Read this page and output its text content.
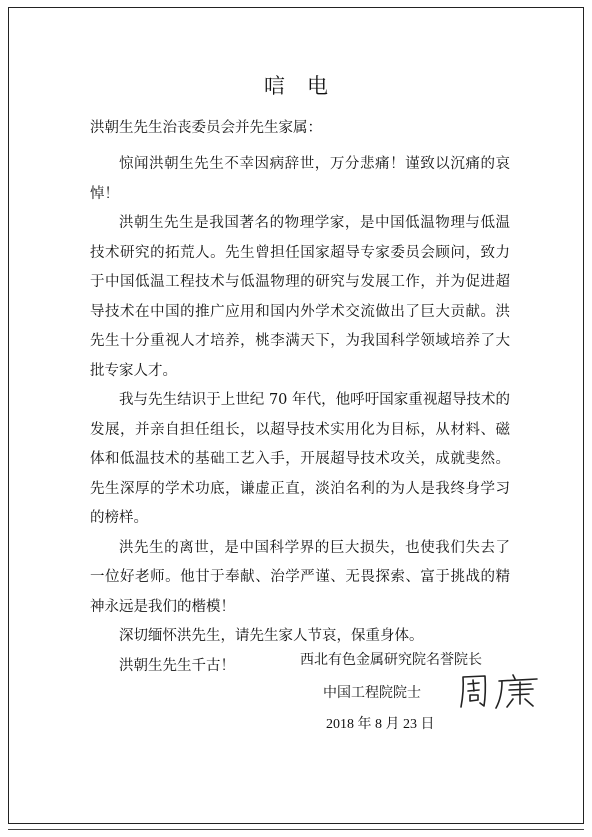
唁电
洪朝生先生治丧委员会并先生家属：

惊闻洪朝生先生不幸因病辞世，万分悲痛！谨致以沉痛的哀悼！

洪朝生先生是我国著名的物理学家，是中国低温物理与低温技术研究的拓荒人。先生曾担任国家超导专家委员会顾问，致力于中国低温工程技术与低温物理的研究与发展工作，并为促进超导技术在中国的推广应用和国内外学术交流做出了巨大贡献。洪先生十分重视人才培养，桃李满天下，为我国科学领域培养了大批专家人才。

我与先生结识于上世纪 70 年代，他呼吁国家重视超导技术的发展，并亲自担任组长，以超导技术实用化为目标，从材料、磁体和低温技术的基础工艺入手，开展超导技术攻关，成就斐然。先生深厚的学术功底，谦虚正直，淡泊名利的为人是我终身学习的榜样。

洪先生的离世，是中国科学界的巨大损失，也使我们失去了一位好老师。他甘于奉献、治学严谨、无畏探索、富于挑战的精神永远是我们的楷模！

深切缅怀洪先生，请先生家人节哀，保重身体。

洪朝生先生千古！	西北有色金属研究院名誉院长
中国工程院院士
2018 年 8 月 23 日
